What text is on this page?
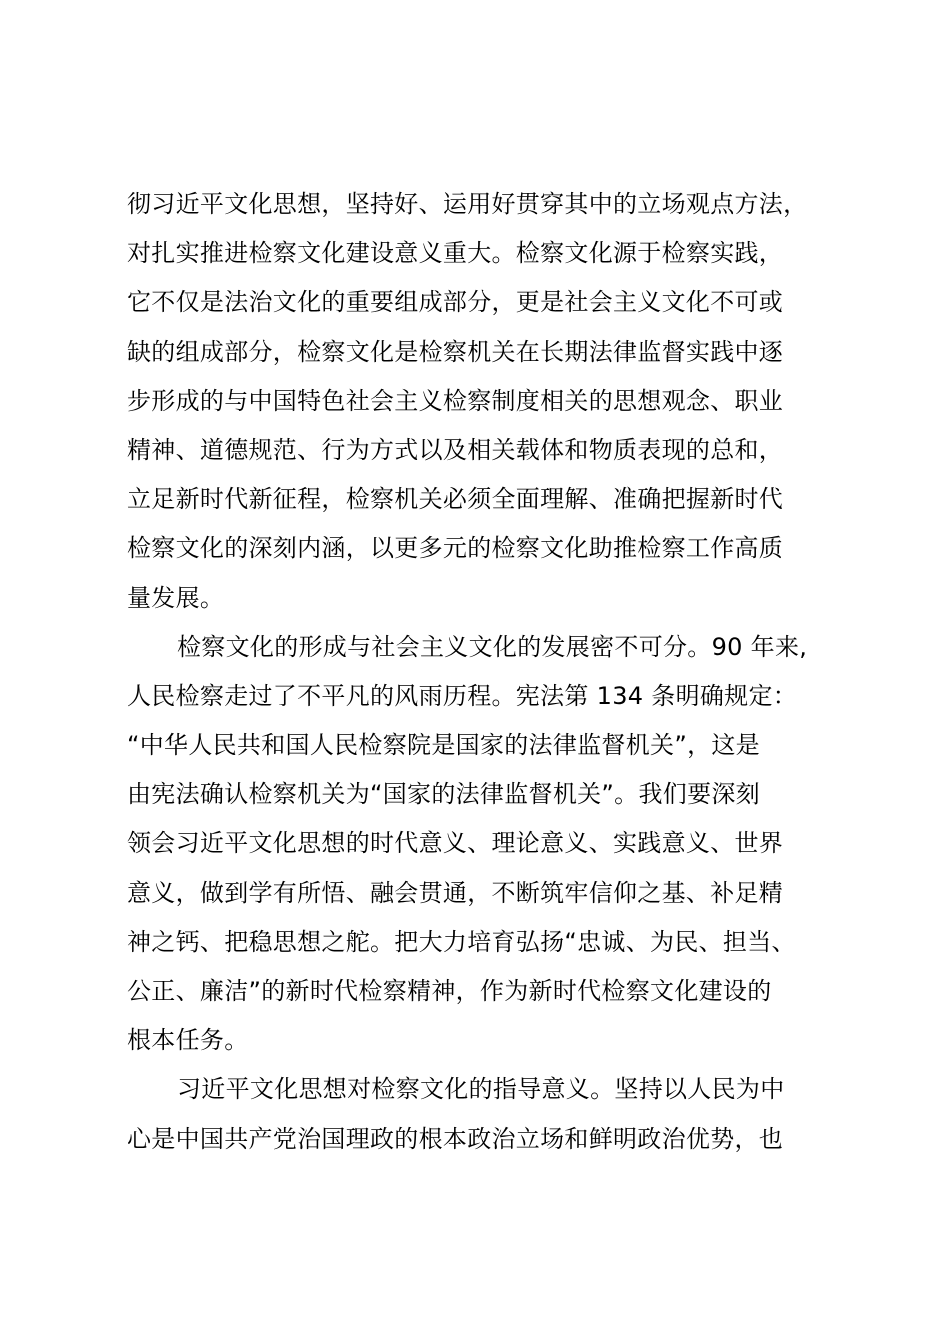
彻习近平文化思想，坚持好、运用好贯穿其中的立场观点方法，
对扎实推进检察文化建设意义重大。检察文化源于检察实践，
它不仅是法治文化的重要组成部分，更是社会主义文化不可或
缺的组成部分，检察文化是检察机关在长期法律监督实践中逐
步形成的与中国特色社会主义检察制度相关的思想观念、职业
精神、道德规范、行为方式以及相关载体和物质表现的总和，
立足新时代新征程，检察机关必须全面理解、准确把握新时代
检察文化的深刻内涵，以更多元的检察文化助推检察工作高质
量发展。
检察文化的形成与社会主义文化的发展密不可分。90 年来,
人民检察走过了不平凡的风雨历程。宪法第 134 条明确规定：
“中华人民共和国人民检察院是国家的法律监督机关”，这是
由宪法确认检察机关为“国家的法律监督机关”。我们要深刻
领会习近平文化思想的时代意义、理论意义、实践意义、世界
意义，做到学有所悟、融会贯通，不断筑牢信仰之基、补足精
神之钙、把稳思想之舵。把大力培育弘扬“忠诚、为民、担当、
公正、廉洁”的新时代检察精神，作为新时代检察文化建设的
根本任务。
习近平文化思想对检察文化的指导意义。坚持以人民为中
心是中国共产党治国理政的根本政治立场和鲜明政治优势，也
